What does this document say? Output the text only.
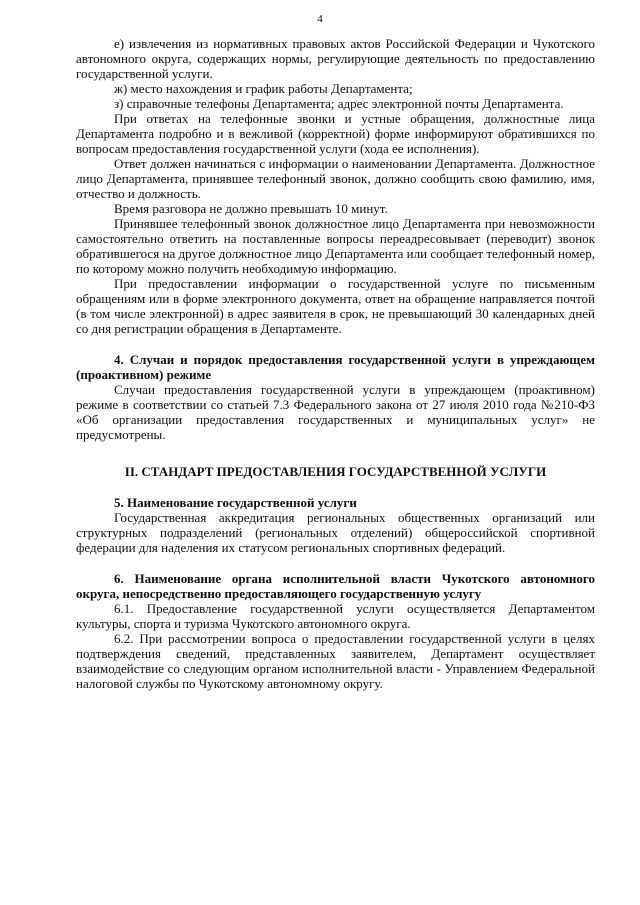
4

е) извлечения из нормативных правовых актов Российской Федерации и Чукотского автономного округа, содержащих нормы, регулирующие деятельность по предоставлению государственной услуги.

ж) место нахождения и график работы Департамента;

з) справочные телефоны Департамента; адрес электронной почты Департамента.

При ответах на телефонные звонки и устные обращения, должностные лица Департамента подробно и в вежливой (корректной) форме информируют обратившихся по вопросам предоставления государственной услуги (хода ее исполнения).

Ответ должен начинаться с информации о наименовании Департамента. Должностное лицо Департамента, принявшее телефонный звонок, должно сообщить свою фамилию, имя, отчество и должность.

Время разговора не должно превышать 10 минут.

Принявшее телефонный звонок должностное лицо Департамента при невозможности самостоятельно ответить на поставленные вопросы переадресовывает (переводит) звонок обратившегося на другое должностное лицо Департамента или сообщает телефонный номер, по которому можно получить необходимую информацию.

При предоставлении информации о государственной услуге по письменным обращениям или в форме электронного документа, ответ на обращение направляется почтой (в том числе электронной) в адрес заявителя в срок, не превышающий 30 календарных дней со дня регистрации обращения в Департаменте.

4. Случаи и порядок предоставления государственной услуги в упреждающем (проактивном) режиме

Случаи предоставления государственной услуги в упреждающем (проактивном) режиме в соответствии со статьей 7.3 Федерального закона от 27 июля 2010 года №210-ФЗ «Об организации предоставления государственных и муниципальных услуг» не предусмотрены.

II. СТАНДАРТ ПРЕДОСТАВЛЕНИЯ ГОСУДАРСТВЕННОЙ УСЛУГИ

5. Наименование государственной услуги

Государственная аккредитация региональных общественных организаций или структурных подразделений (региональных отделений) общероссийской спортивной федерации для наделения их статусом региональных спортивных федераций.

6. Наименование органа исполнительной власти Чукотского автономного округа, непосредственно предоставляющего государственную услугу

6.1. Предоставление государственной услуги осуществляется Департаментом культуры, спорта и туризма Чукотского автономного округа.

6.2. При рассмотрении вопроса о предоставлении государственной услуги в целях подтверждения сведений, представленных заявителем, Департамент осуществляет взаимодействие со следующим органом исполнительной власти - Управлением Федеральной налоговой службы по Чукотскому автономному округу.
